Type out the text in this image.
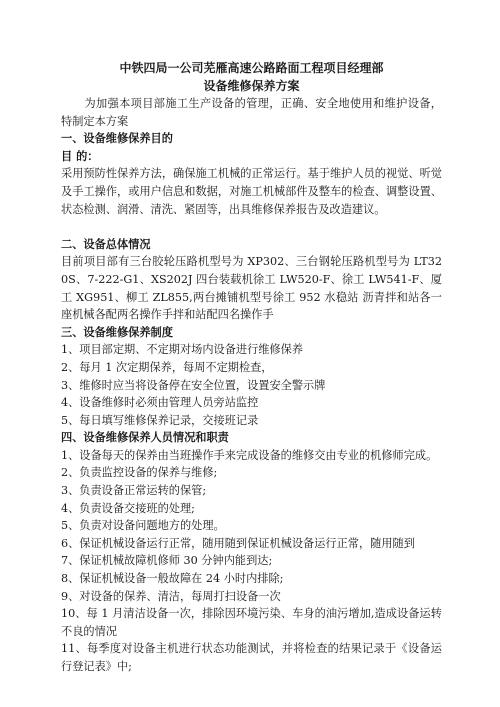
中铁四局一公司芜雁高速公路路面工程项目经理部

设备维修保养方案

为加强本项目部施工生产设备的管理，正确、安全地使用和维护设备，特制定本方案

一、设备维修保养目的

目 的：

采用预防性保养方法，确保施工机械的正常运行。基于维护人员的视觉、听觉及手工操作，或用户信息和数据，对施工机械部件及整车的检查、调整设置、状态检测、润滑、清洗、紧固等，出具维修保养报告及改造建议。

二、设备总体情况

目前项目部有三台胶轮压路机型号为 XP302、三台钢轮压路机型号为 LT320S、7-222-G1、XS202J 四台装载机徐工 LW520-F、徐工 LW541-F、厦工 XG951、柳工 ZL855,两台摊铺机型号徐工 952 水稳站 沥青拌和站各一座机械各配两名操作手拌和站配四名操作手

三、设备维修保养制度

1、项目部定期、不定期对场内设备进行维修保养
2、每月 1 次定期保养，每周不定期检查，
3、维修时应当将设备停在安全位置，设置安全警示牌
4、设备维修时必须由管理人员旁站监控
5、每日填写维修保养记录，交接班记录

四、设备维修保养人员情况和职责

1、设备每天的保养由当班操作手来完成设备的维修交由专业的机修师完成。
2、负责监控设备的保养与维修;
3、负责设备正常运转的保管;
4、负责设备交接班的处理;
5、负责对设备问题地方的处理。
6、保证机械设备运行正常，随用随到保证机械设备运行正常，随用随到
7、保证机械故障机修师 30 分钟内能到达;
8、保证机械设备一般故障在 24 小时内排除;
9、对设备的保养、清洁，每周打扫设备一次
10、每 1 月清洁设备一次，排除因环境污染、车身的油污增加,造成设备运转不良的情况
11、每季度对设备主机进行状态功能测试，并将检查的结果记录于《设备运行登记表》中;
